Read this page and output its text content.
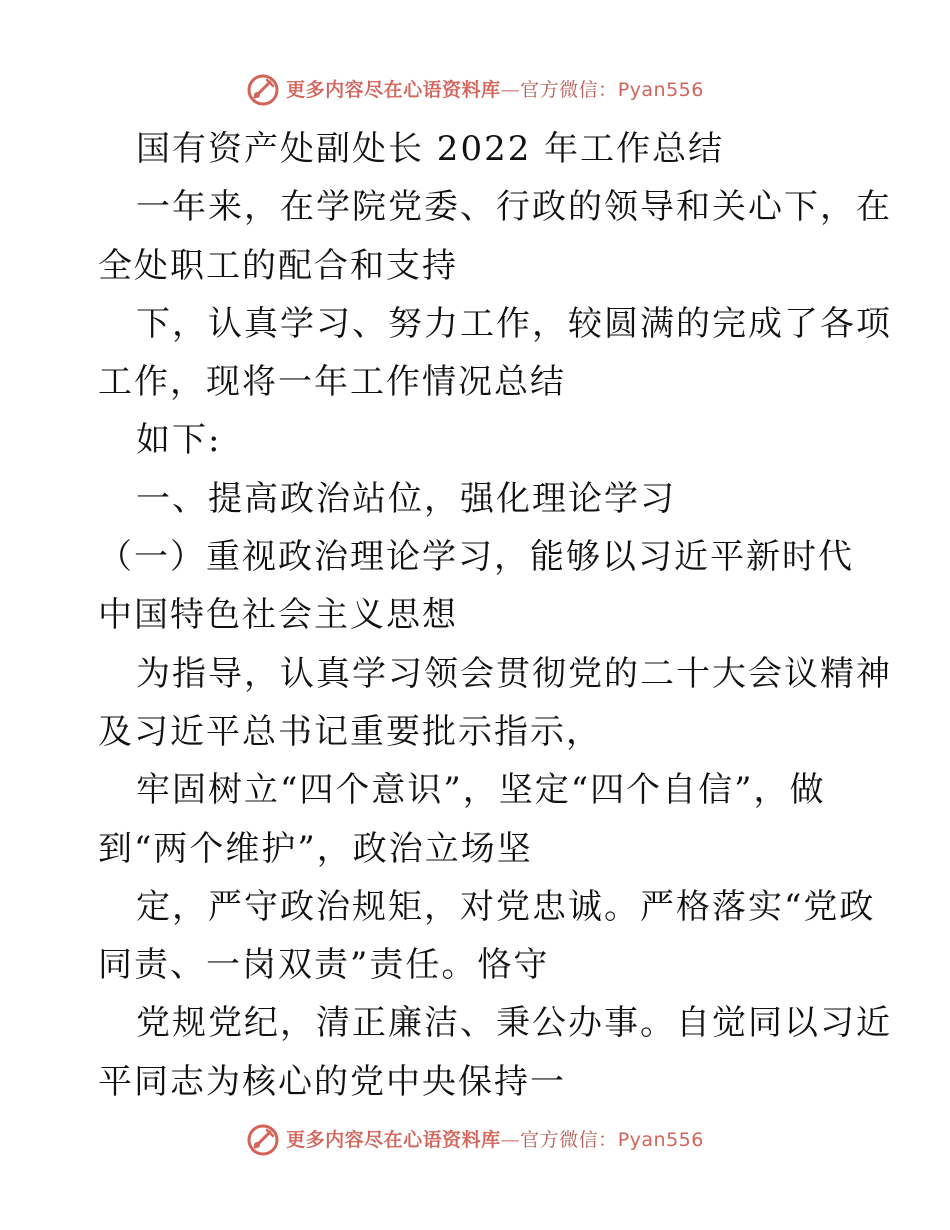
更多内容尽在心语资料库—官方微信：Pyan556
国有资产处副处长 2022 年工作总结
一年来，在学院党委、行政的领导和关心下，在
全处职工的配合和支持
下，认真学习、努力工作，较圆满的完成了各项
工作，现将一年工作情况总结
如下:
一、提高政治站位，强化理论学习
（一）重视政治理论学习，能够以习近平新时代
中国特色社会主义思想
为指导，认真学习领会贯彻党的二十大会议精神
及习近平总书记重要批示指示，
牢固树立“四个意识”，坚定“四个自信”，做
到“两个维护”，政治立场坚
定，严守政治规矩，对党忠诚。严格落实“党政
同责、一岗双责”责任。恪守
党规党纪，清正廉洁、秉公办事。自觉同以习近
平同志为核心的党中央保持一
更多内容尽在心语资料库—官方微信：Pyan556
